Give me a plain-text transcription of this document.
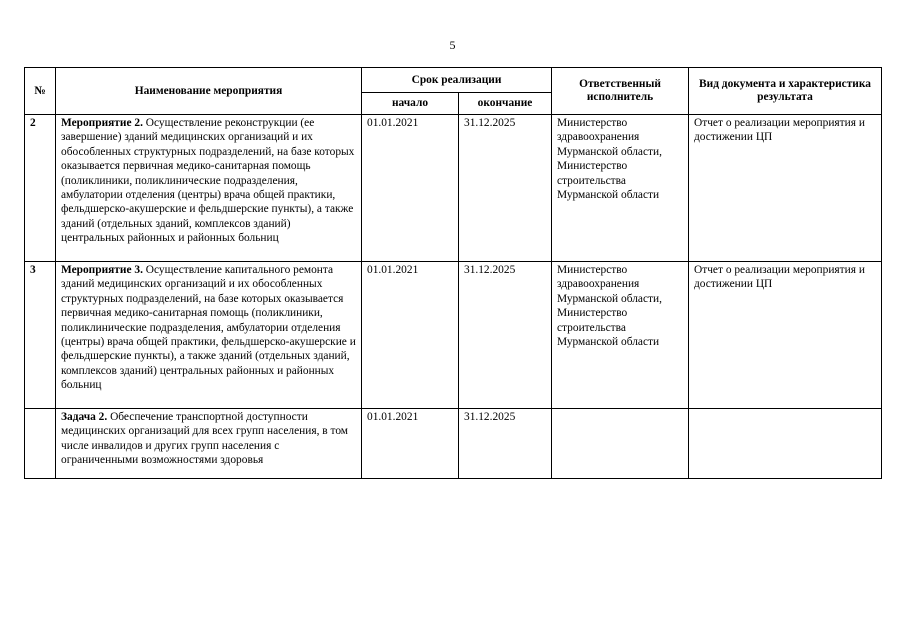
5
№	Наименование мероприятия	Срок реализации		Ответственный исполнитель	Вид документа и характеристика результата
		начало	окончание		
2	Мероприятие 2. Осуществление реконструкции (ее завершение) зданий медицинских организаций и их обособленных структурных подразделений, на базе которых оказывается первичная медико-санитарная помощь (поликлиники, поликлинические подразделения, амбулатории отделения (центры) врача общей практики, фельдшерско-акушерские и фельдшерские пункты), а также зданий (отдельных зданий, комплексов зданий) центральных районных и районных больниц	01.01.2021	31.12.2025	Министерство здравоохранения Мурманской области, Министерство строительства Мурманской области	Отчет о реализации мероприятия и достижении ЦП
3	Мероприятие 3. Осуществление капитального ремонта зданий медицинских организаций и их обособленных структурных подразделений, на базе которых оказывается первичная медико-санитарная помощь (поликлиники, поликлинические подразделения, амбулатории отделения (центры) врача общей практики, фельдшерско-акушерские и фельдшерские пункты), а также зданий (отдельных зданий, комплексов зданий) центральных районных и районных больниц	01.01.2021	31.12.2025	Министерство здравоохранения Мурманской области, Министерство строительства Мурманской области	Отчет о реализации мероприятия и достижении ЦП
	Задача 2. Обеспечение транспортной доступности медицинских организаций для всех групп населения, в том числе инвалидов и других групп населения с ограниченными возможностями здоровья	01.01.2021	31.12.2025		
